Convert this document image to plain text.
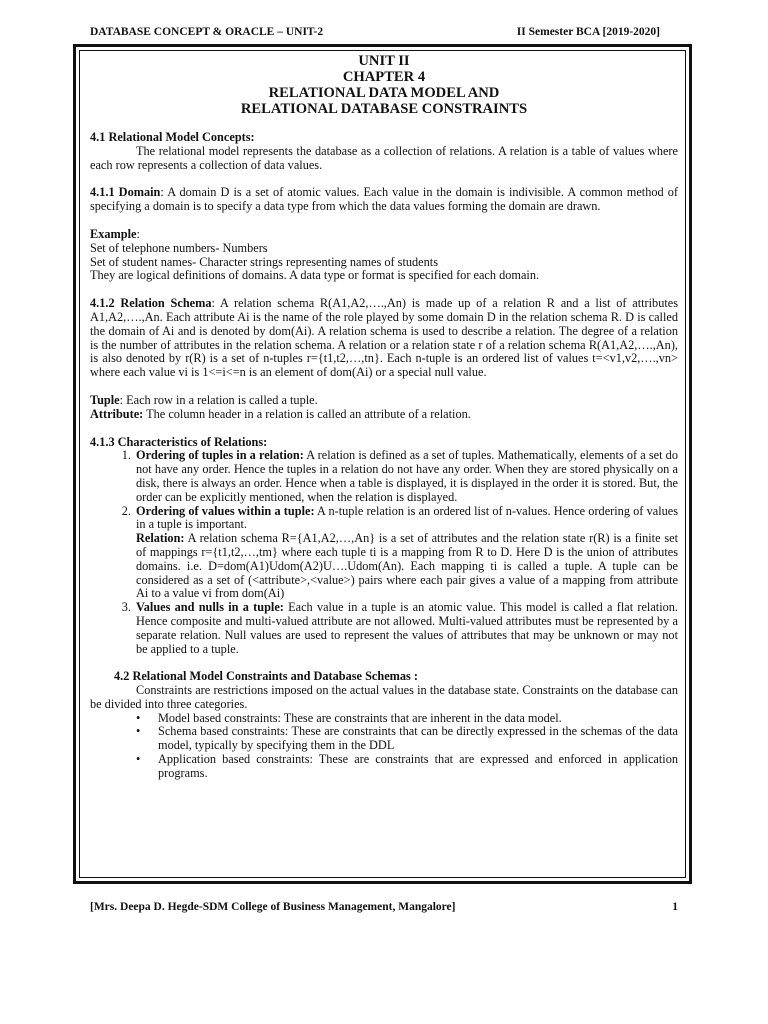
DATABASE CONCEPT & ORACLE – UNIT-2	II Semester BCA [2019-2020]
UNIT II
CHAPTER 4
RELATIONAL DATA MODEL AND
RELATIONAL DATABASE CONSTRAINTS

4.1 Relational Model Concepts:

The relational model represents the database as a collection of relations. A relation is a table of values where each row represents a collection of data values.

4.1.1 Domain: A domain D is a set of atomic values. Each value in the domain is indivisible. A common method of specifying a domain is to specify a data type from which the data values forming the domain are drawn.

Example:

Set of telephone numbers- Numbers

Set of student names- Character strings representing names of students

They are logical definitions of domains. A data type or format is specified for each domain.

4.1.2 Relation Schema: A relation schema R(A1,A2,….,An) is made up of a relation R and a list of attributes A1,A2,….,An. Each attribute Ai is the name of the role played by some domain D in the relation schema R. D is called the domain of Ai and is denoted by dom(Ai). A relation schema is used to describe a relation. The degree of a relation is the number of attributes in the relation schema. A relation or a relation state r of a relation schema R(A1,A2,….,An), is also denoted by r(R) is a set of n-tuples r={t1,t2,…,tn}. Each n-tuple is an ordered list of values t=<v1,v2,….,vn> where each value vi is 1<=i<=n is an element of dom(Ai) or a special null value.

Tuple: Each row in a relation is called a tuple.

Attribute: The column header in a relation is called an attribute of a relation.

4.1.3 Characteristics of Relations:

1. Ordering of tuples in a relation: A relation is defined as a set of tuples. Mathematically, elements of a set do not have any order. Hence the tuples in a relation do not have any order. When they are stored physically on a disk, there is always an order. Hence when a table is displayed, it is displayed in the order it is stored. But, the order can be explicitly mentioned, when the relation is displayed.
2. Ordering of values within a tuple: A n-tuple relation is an ordered list of n-values. Hence ordering of values in a tuple is important.

Relation: A relation schema R={A1,A2,…,An} is a set of attributes and the relation state r(R) is a finite set of mappings r={t1,t2,…,tm} where each tuple ti is a mapping from R to D. Here D is the union of attributes domains. i.e. D=dom(A1)Udom(A2)U….Udom(An). Each mapping ti is called a tuple. A tuple can be considered as a set of (<attribute>,<value>) pairs where each pair gives a value of a mapping from attribute Ai to a value vi from dom(Ai)

3. Values and nulls in a tuple: Each value in a tuple is an atomic value. This model is called a flat relation. Hence composite and multi-valued attribute are not allowed. Multi-valued attributes must be represented by a separate relation. Null values are used to represent the values of attributes that may be unknown or may not be applied to a tuple.

4.2 Relational Model Constraints and Database Schemas :

Constraints are restrictions imposed on the actual values in the database state. Constraints on the database can be divided into three categories.

• Model based constraints: These are constraints that are inherent in the data model.
• Schema based constraints: These are constraints that can be directly expressed in the schemas of the data model, typically by specifying them in the DDL
• Application based constraints: These are constraints that are expressed and enforced in application programs.
[Mrs. Deepa D. Hegde-SDM College of Business Management, Mangalore]	1
